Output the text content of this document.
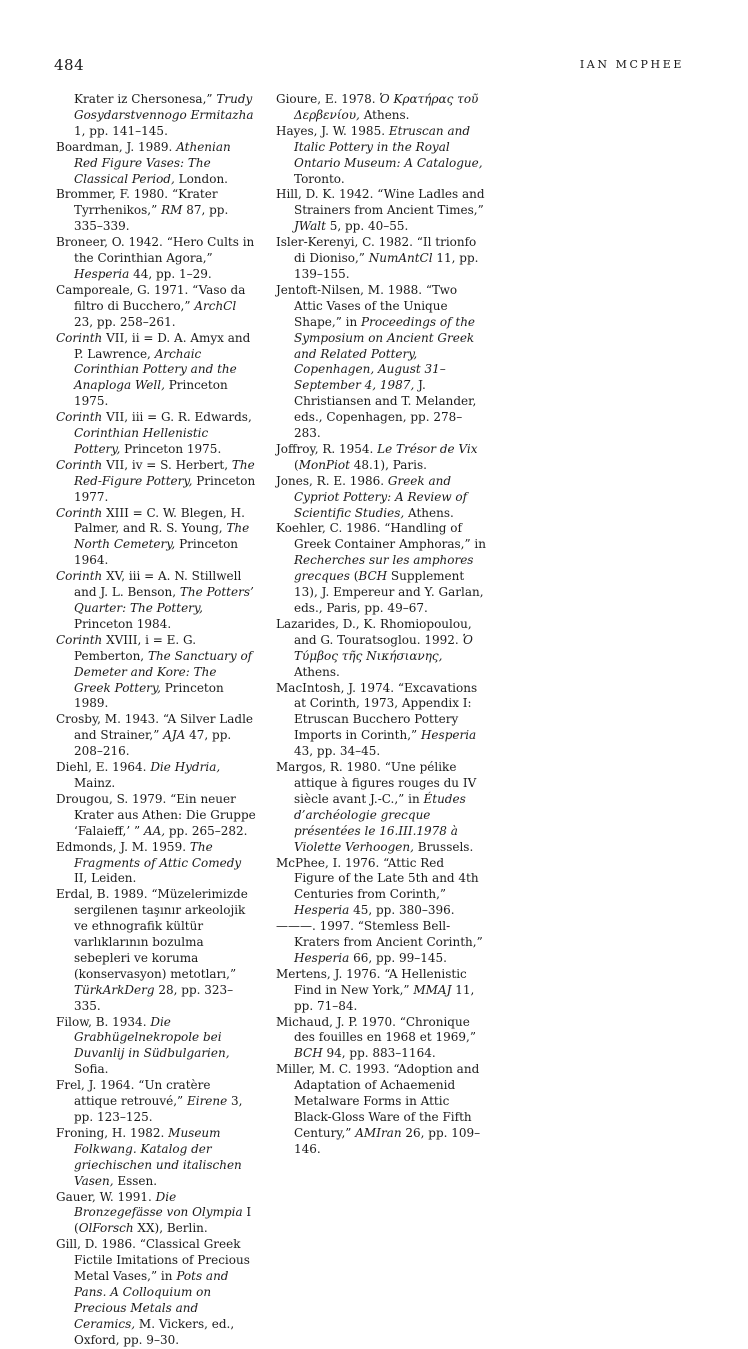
484	IAN MCPHEE

Krater iz Chersonesa,” Trudy Gosydarstvennogo Ermitazha 1, pp. 141–145.

Boardman, J. 1989. Athenian Red Figure Vases: The Classical Period, London.

Brommer, F. 1980. “Krater Tyrrhenikos,” RM 87, pp. 335–339.

Broneer, O. 1942. “Hero Cults in the Corinthian Agora,” Hesperia 44, pp. 1–29.

Camporeale, G. 1971. “Vaso da filtro di Bucchero,” ArchCl 23, pp. 258–261.

Corinth VII, ii = D. A. Amyx and P. Lawrence, Archaic Corinthian Pottery and the Anaploga Well, Princeton 1975.

Corinth VII, iii = G. R. Edwards, Corinthian Hellenistic Pottery, Princeton 1975.

Corinth VII, iv = S. Herbert, The Red-Figure Pottery, Princeton 1977.

Corinth XIII = C. W. Blegen, H. Palmer, and R. S. Young, The North Cemetery, Princeton 1964.

Corinth XV, iii = A. N. Stillwell and J. L. Benson, The Potters’ Quarter: The Pottery, Princeton 1984.

Corinth XVIII, i = E. G. Pemberton, The Sanctuary of Demeter and Kore: The Greek Pottery, Princeton 1989.

Crosby, M. 1943. “A Silver Ladle and Strainer,” AJA 47, pp. 208–216.

Diehl, E. 1964. Die Hydria, Mainz.

Drougou, S. 1979. “Ein neuer Krater aus Athen: Die Gruppe ‘Falaieff,’ ” AA, pp. 265–282.

Edmonds, J. M. 1959. The Fragments of Attic Comedy II, Leiden.

Erdal, B. 1989. “Müzelerimizde sergilenen taşınır arkeolojik ve ethnografik kültür varlıklarının bozulma sebepleri ve koruma (konservasyon) metotları,” TürkArkDerg 28, pp. 323–335.

Filow, B. 1934. Die Grabhügelnekropole bei Duvanlij in Südbulgarien, Sofia.

Frel, J. 1964. “Un cratère attique retrouvé,” Eirene 3, pp. 123–125.

Froning, H. 1982. Museum Folkwang. Katalog der griechischen und italischen Vasen, Essen.

Gauer, W. 1991. Die Bronzegefässe von Olympia I (OlForsch XX), Berlin.

Gill, D. 1986. “Classical Greek Fictile Imitations of Precious Metal Vases,” in Pots and Pans. A Colloquium on Precious Metals and Ceramics, M. Vickers, ed., Oxford, pp. 9–30.

Gioure, E. 1978. Ὁ Κρατήρας τοῦ Δερβενίου, Athens.

Hayes, J. W. 1985. Etruscan and Italic Pottery in the Royal Ontario Museum: A Catalogue, Toronto.

Hill, D. K. 1942. “Wine Ladles and Strainers from Ancient Times,” JWalt 5, pp. 40–55.

Isler-Kerenyi, C. 1982. “Il trionfo di Dioniso,” NumAntCl 11, pp. 139–155.

Jentoft-Nilsen, M. 1988. “Two Attic Vases of the Unique Shape,” in Proceedings of the Symposium on Ancient Greek and Related Pottery, Copenhagen, August 31–September 4, 1987, J. Christiansen and T. Melander, eds., Copenhagen, pp. 278–283.

Joffroy, R. 1954. Le Trésor de Vix (MonPiot 48.1), Paris.

Jones, R. E. 1986. Greek and Cypriot Pottery: A Review of Scientific Studies, Athens.

Koehler, C. 1986. “Handling of Greek Container Amphoras,” in Recherches sur les amphores grecques (BCH Supplement 13), J. Empereur and Y. Garlan, eds., Paris, pp. 49–67.

Lazarides, D., K. Rhomiopoulou, and G. Touratsoglou. 1992. Ὁ Τύμβος τῆς Νικήσιανης, Athens.

MacIntosh, J. 1974. “Excavations at Corinth, 1973, Appendix I: Etruscan Bucchero Pottery Imports in Corinth,” Hesperia 43, pp. 34–45.

Margos, R. 1980. “Une pélike attique à figures rouges du IV siècle avant J.-C.,” in Études d’archéologie grecque présentées le 16.III.1978 à Violette Verhoogen, Brussels.

McPhee, I. 1976. “Attic Red Figure of the Late 5th and 4th Centuries from Corinth,” Hesperia 45, pp. 380–396.

———. 1997. “Stemless Bell-Kraters from Ancient Corinth,” Hesperia 66, pp. 99–145.

Mertens, J. 1976. “A Hellenistic Find in New York,” MMAJ 11, pp. 71–84.

Michaud, J. P. 1970. “Chronique des fouilles en 1968 et 1969,” BCH 94, pp. 883–1164.

Miller, M. C. 1993. “Adoption and Adaptation of Achaemenid Metalware Forms in Attic Black-Gloss Ware of the Fifth Century,” AMIran 26, pp. 109–146.
